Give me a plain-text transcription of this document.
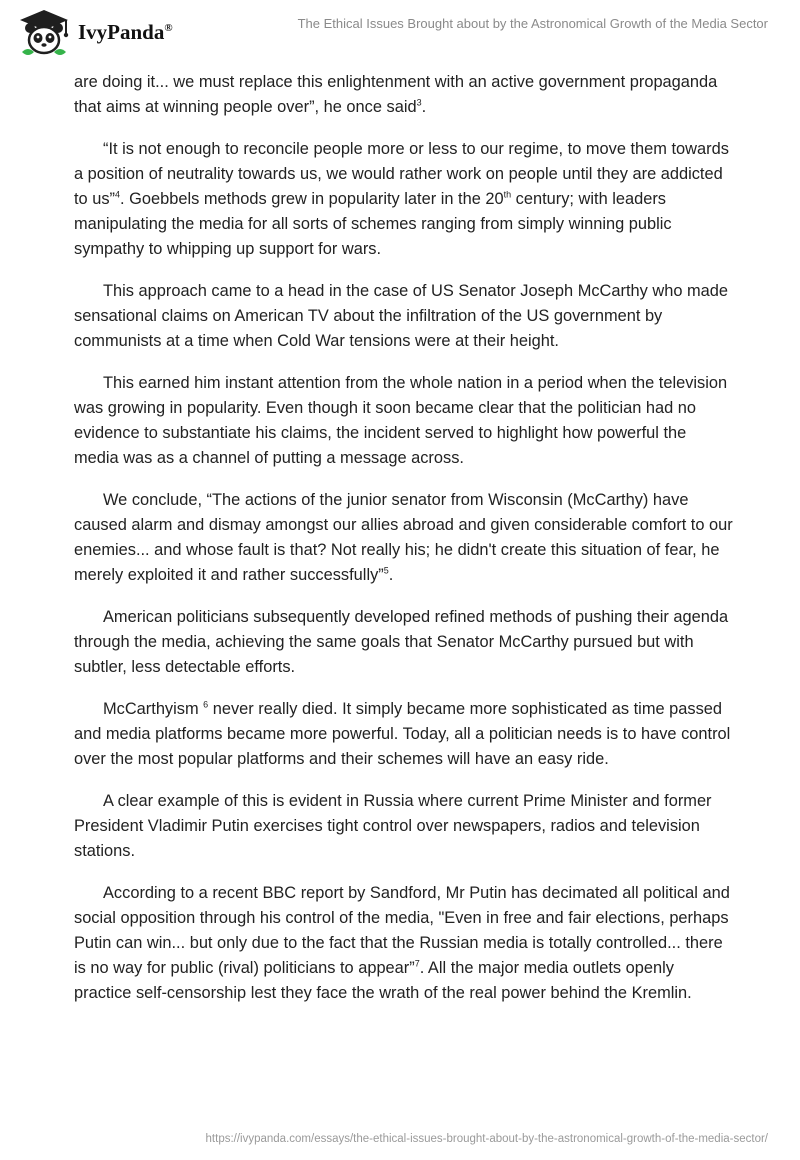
IvyPanda®	The Ethical Issues Brought about by the Astronomical Growth of the Media Sector

are doing it... we must replace this enlightenment with an active government propaganda that aims at winning people over”, he once said$^3$.

“It is not enough to reconcile people more or less to our regime, to move them towards a position of neutrality towards us, we would rather work on people until they are addicted to us”$^4$. Goebbels methods grew in popularity later in the 20th century; with leaders manipulating the media for all sorts of schemes ranging from simply winning public sympathy to whipping up support for wars.

This approach came to a head in the case of US Senator Joseph McCarthy who made sensational claims on American TV about the infiltration of the US government by communists at a time when Cold War tensions were at their height.

This earned him instant attention from the whole nation in a period when the television was growing in popularity. Even though it soon became clear that the politician had no evidence to substantiate his claims, the incident served to highlight how powerful the media was as a channel of putting a message across.

We conclude, “The actions of the junior senator from Wisconsin (McCarthy) have caused alarm and dismay amongst our allies abroad and given considerable comfort to our enemies... and whose fault is that? Not really his; he didn't create this situation of fear, he merely exploited it and rather successfully”$^5$.

American politicians subsequently developed refined methods of pushing their agenda through the media, achieving the same goals that Senator McCarthy pursued but with subtler, less detectable efforts.

McCarthyism $^6$ never really died. It simply became more sophisticated as time passed and media platforms became more powerful. Today, all a politician needs is to have control over the most popular platforms and their schemes will have an easy ride.

A clear example of this is evident in Russia where current Prime Minister and former President Vladimir Putin exercises tight control over newspapers, radios and television stations.

According to a recent BBC report by Sandford, Mr Putin has decimated all political and social opposition through his control of the media, "Even in free and fair elections, perhaps Putin can win... but only due to the fact that the Russian media is totally controlled... there is no way for public (rival) politicians to appear”$^7$. All the major media outlets openly practice self-censorship lest they face the wrath of the real power behind the Kremlin.

https://ivypanda.com/essays/the-ethical-issues-brought-about-by-the-astronomical-growth-of-the-media-sector/
